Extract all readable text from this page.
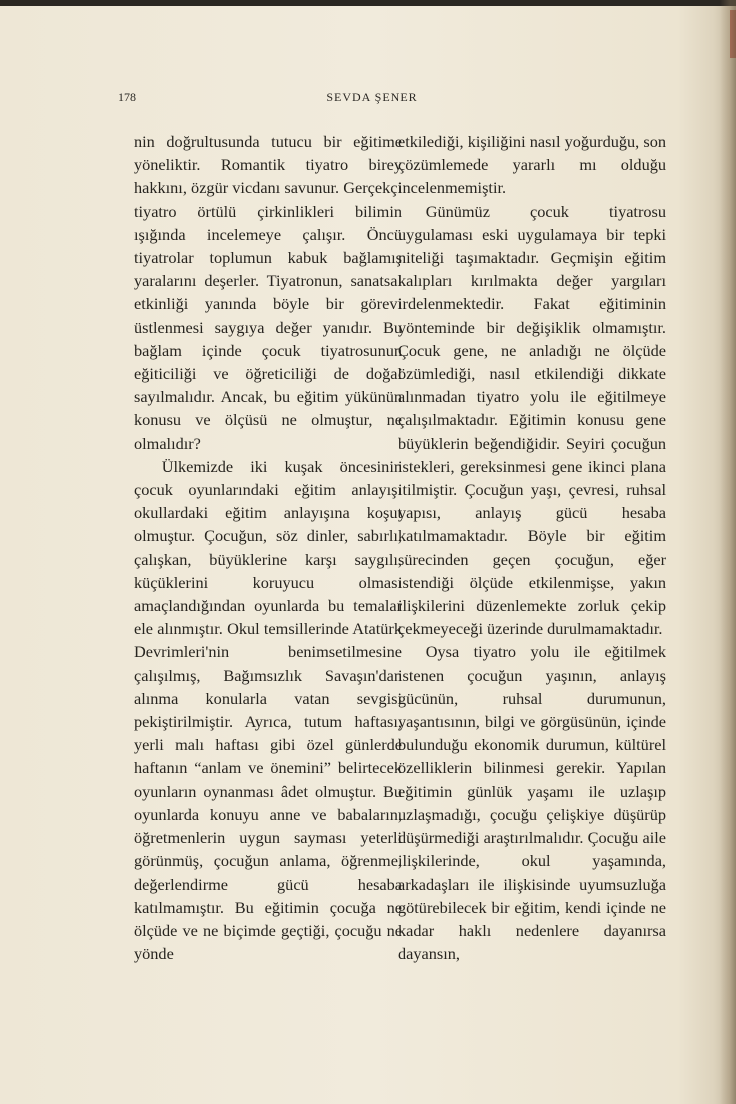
178	SEVDA ŞENER

nin doğrultusunda tutucu bir eğitime yöneliktir. Romantik tiyatro birey hakkını, özgür vicdanı savunur. Gerçekçi tiyatro örtülü çirkinlikleri bilimin ışığında incelemeye çalışır. Öncü tiyatrolar toplumun kabuk bağlamış yaralarını deşerler. Tiyatronun, sanatsal etkinliği yanında böyle bir görevi üstlenmesi saygıya değer yanıdır. Bu bağlam içinde çocuk tiyatrosunun eğiticiliği ve öğreticiliği de doğal sayılmalıdır. Ancak, bu eğitim yükünün konusu ve ölçüsü ne olmuştur, ne olmalıdır?

Ülkemizde iki kuşak öncesinin çocuk oyunlarındaki eğitim anlayışı okullardaki eğitim anlayışına koşut olmuştur. Çocuğun, söz dinler, sabırlı, çalışkan, büyüklerine karşı saygılı, küçüklerini koruyucu olması amaçlandığından oyunlarda bu temalar ele alınmıştır. Okul temsillerinde Atatürk Devrimleri'nin benimsetilmesine çalışılmış, Bağımsızlık Savaşın'dan alınma konularla vatan sevgisi pekiştirilmiştir. Ayrıca, tutum haftası, yerli malı haftası gibi özel günlerde haftanın “anlam ve önemini” belirtecek oyunların oynanması âdet olmuştur. Bu oyunlarda konuyu anne ve babaların, öğretmenlerin uygun sayması yeterli görünmüş, çocuğun anlama, öğrenme, değerlendirme gücü hesaba katılmamıştır. Bu eğitimin çocuğa ne ölçüde ve ne biçimde geçtiği, çocuğu ne yönde

etkilediği, kişiliğini nasıl yoğurduğu, son çözümlemede yararlı mı olduğu incelenmemiştir.

Günümüz çocuk tiyatrosu uygulaması eski uygulamaya bir tepki niteliği taşımaktadır. Geçmişin eğitim kalıpları kırılmakta değer yargıları irdelenmektedir. Fakat eğitiminin yönteminde bir değişiklik olmamıştır. Çocuk gene, ne anladığı ne ölçüde özümlediği, nasıl etkilendiği dikkate alınmadan tiyatro yolu ile eğitilmeye çalışılmaktadır. Eğitimin konusu gene büyüklerin beğendiğidir. Seyiri çocuğun istekleri, gereksinmesi gene ikinci plana itilmiştir. Çocuğun yaşı, çevresi, ruhsal yapısı, anlayış gücü hesaba katılmamaktadır. Böyle bir eğitim sürecinden geçen çocuğun, eğer istendiği ölçüde etkilenmişse, yakın ilişkilerini düzenlemekte zorluk çekip çekmeyeceği üzerinde durulmamaktadır.

Oysa tiyatro yolu ile eğitilmek istenen çocuğun yaşının, anlayış gücünün, ruhsal durumunun, yaşantısının, bilgi ve görgüsünün, içinde bulunduğu ekonomik durumun, kültürel özelliklerin bilinmesi gerekir. Yapılan eğitimin günlük yaşamı ile uzlaşıp uzlaşmadığı, çocuğu çelişkiye düşürüp düşürmediği araştırılmalıdır. Çocuğu aile ilişkilerinde, okul yaşamında, arkadaşları ile ilişkisinde uyumsuzluğa götürebilecek bir eğitim, kendi içinde ne kadar haklı nedenlere dayanırsa dayansın,
